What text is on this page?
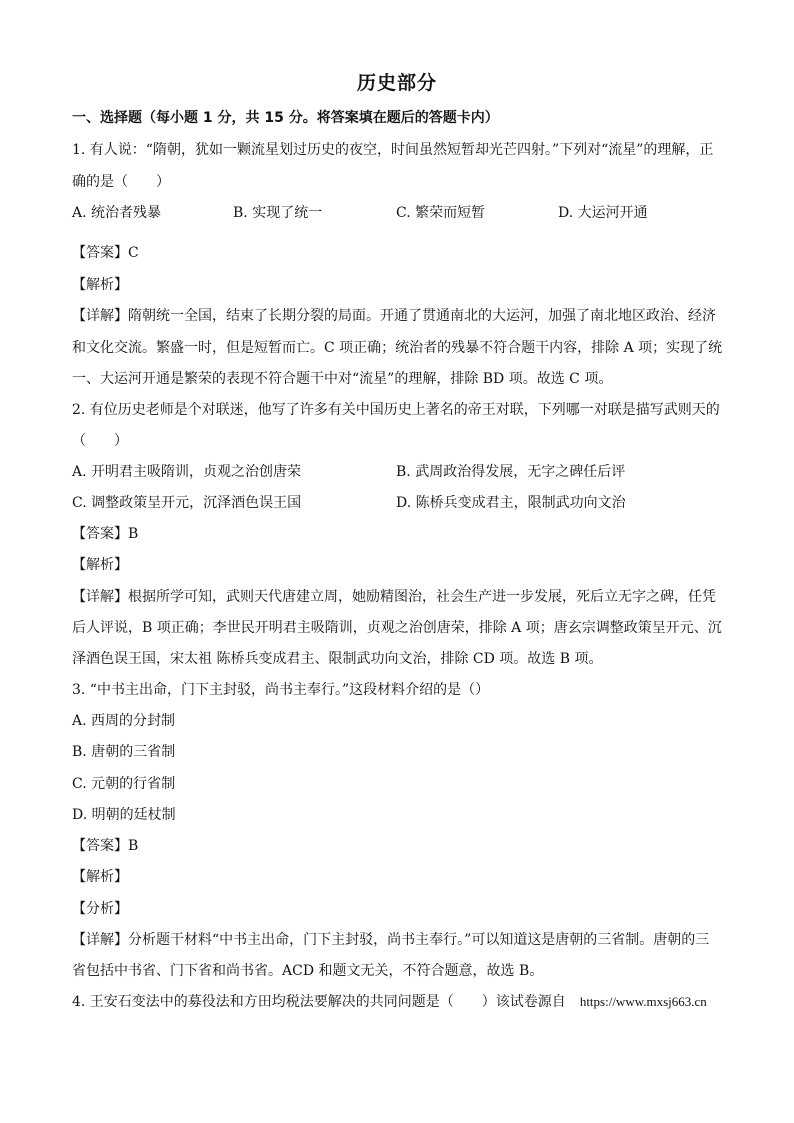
历史部分
一、选择题（每小题 1 分，共 15 分。将答案填在题后的答题卡内）
1. 有人说：“隋朝，犹如一颗流星划过历史的夜空，时间虽然短暂却光芒四射。”下列对“流星”的理解，正
确的是（　　）
A. 统治者残暴	B. 实现了统一	C. 繁荣而短暂	D. 大运河开通
【答案】C
【解析】
【详解】隋朝统一全国，结束了长期分裂的局面。开通了贯通南北的大运河，加强了南北地区政治、经济
和文化交流。繁盛一时，但是短暂而亡。C 项正确；统治者的残暴不符合题干内容，排除 A 项；实现了统
一、大运河开通是繁荣的表现不符合题干中对“流星”的理解，排除 BD 项。故选 C 项。
2. 有位历史老师是个对联迷，他写了许多有关中国历史上著名的帝王对联，下列哪一对联是描写武则天的
（　　）
A. 开明君主吸隋训，贞观之治创唐荣	B. 武周政治得发展，无字之碑任后评
C. 调整政策呈开元，沉泽酒色误王国	D. 陈桥兵变成君主，限制武功向文治
【答案】B
【解析】
【详解】根据所学可知，武则天代唐建立周，她励精图治，社会生产进一步发展，死后立无字之碑，任凭
后人评说，B 项正确；李世民开明君主吸隋训，贞观之治创唐荣，排除 A 项；唐玄宗调整政策呈开元、沉
泽酒色误王国，宋太祖 陈桥兵变成君主、限制武功向文治，排除 CD 项。故选 B 项。
3. “中书主出命，门下主封驳，尚书主奉行。”这段材料介绍的是（）
A. 西周的分封制
B. 唐朝的三省制
C. 元朝的行省制
D. 明朝的廷杖制
【答案】B
【解析】
【分析】
【详解】分析题干材料“中书主出命，门下主封驳，尚书主奉行。”可以知道这是唐朝的三省制。唐朝的三
省包括中书省、门下省和尚书省。ACD 和题文无关，不符合题意，故选 B。
4. 王安石变法中的募役法和方田均税法要解决的共同问题是（　　）该试卷源自 https://www.mxsj663.cn
